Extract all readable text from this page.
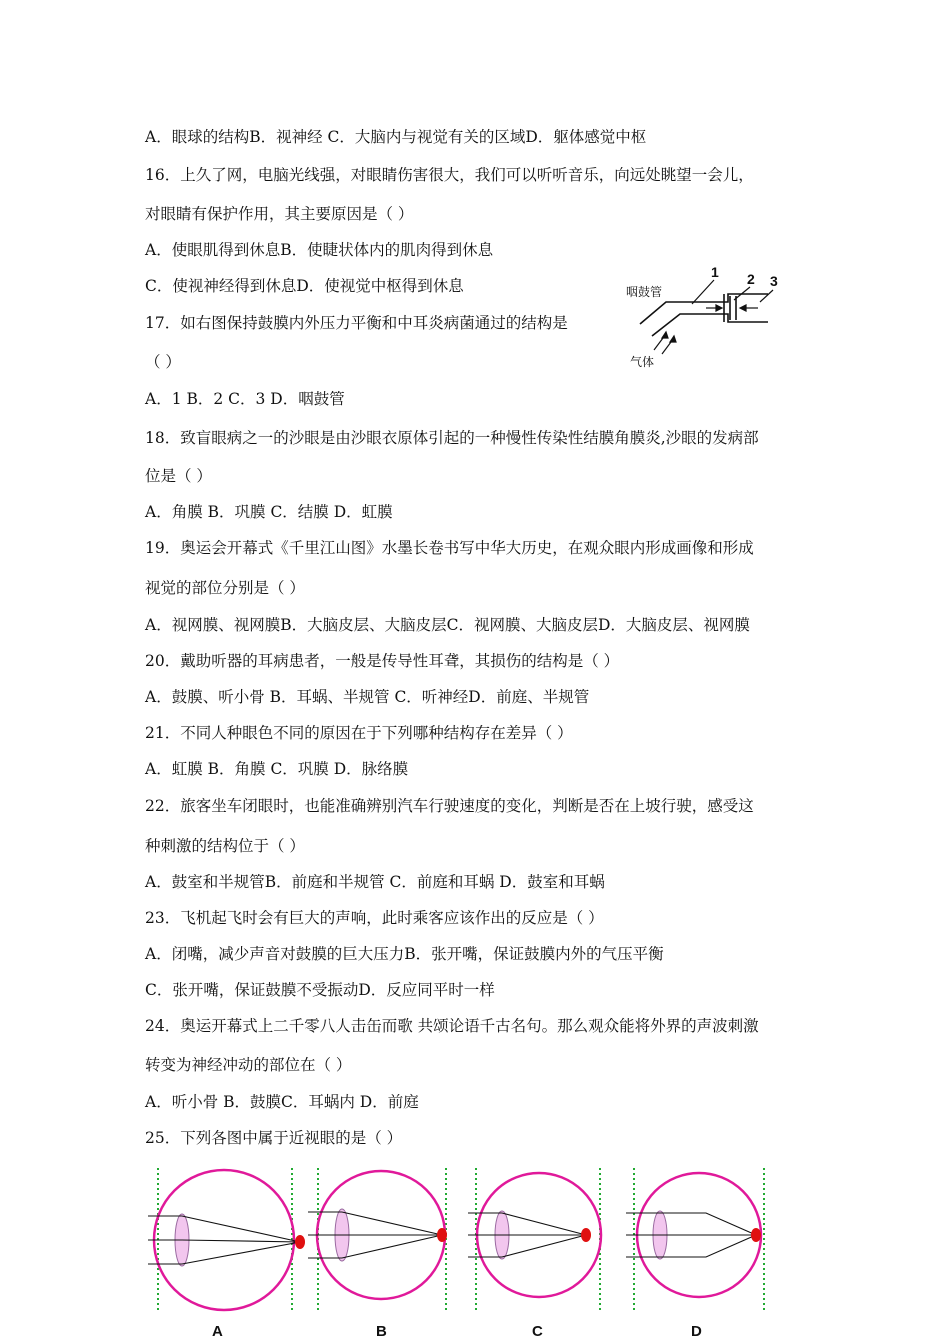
A．眼球的结构B．视神经 C．大脑内与视觉有关的区域D．躯体感觉中枢
16．上久了网，电脑光线强，对眼睛伤害很大，我们可以听听音乐，向远处眺望一会儿，
对眼睛有保护作用，其主要原因是（ ）
A．使眼肌得到休息B．使睫状体内的肌肉得到休息
C．使视神经得到休息D．使视觉中枢得到休息
17．如右图保持鼓膜内外压力平衡和中耳炎病菌通过的结构是
（ ）
A．1 B．2 C．3 D．咽鼓管
18．致盲眼病之一的沙眼是由沙眼衣原体引起的一种慢性传染性结膜角膜炎,沙眼的发病部
位是（ ）
A．角膜 B．巩膜 C．结膜 D．虹膜
19．奥运会开幕式《千里江山图》水墨长卷书写中华大历史，在观众眼内形成画像和形成
视觉的部位分别是（ ）
A．视网膜、视网膜B．大脑皮层、大脑皮层C．视网膜、大脑皮层D．大脑皮层、视网膜
20．戴助听器的耳病患者，一般是传导性耳聋，其损伤的结构是（ ）
A．鼓膜、听小骨 B．耳蜗、半规管 C．听神经D．前庭、半规管
21．不同人种眼色不同的原因在于下列哪种结构存在差异（ ）
A．虹膜 B．角膜 C．巩膜 D．脉络膜
22．旅客坐车闭眼时，也能准确辨别汽车行驶速度的变化，判断是否在上坡行驶，感受这
种刺激的结构位于（ ）
A．鼓室和半规管B．前庭和半规管 C．前庭和耳蜗 D．鼓室和耳蜗
23．飞机起飞时会有巨大的声响，此时乘客应该作出的反应是（ ）
A．闭嘴，减少声音对鼓膜的巨大压力B．张开嘴，保证鼓膜内外的气压平衡
C．张开嘴，保证鼓膜不受振动D．反应同平时一样
24．奥运开幕式上二千零八人击缶而歌 共颂论语千古名句。那么观众能将外界的声波刺激
转变为神经冲动的部位在（ ）
A．听小骨 B．鼓膜C．耳蜗内 D．前庭
25．下列各图中属于近视眼的是（ ）
咽鼓管
1 2 3
气体
A	B	C	D
